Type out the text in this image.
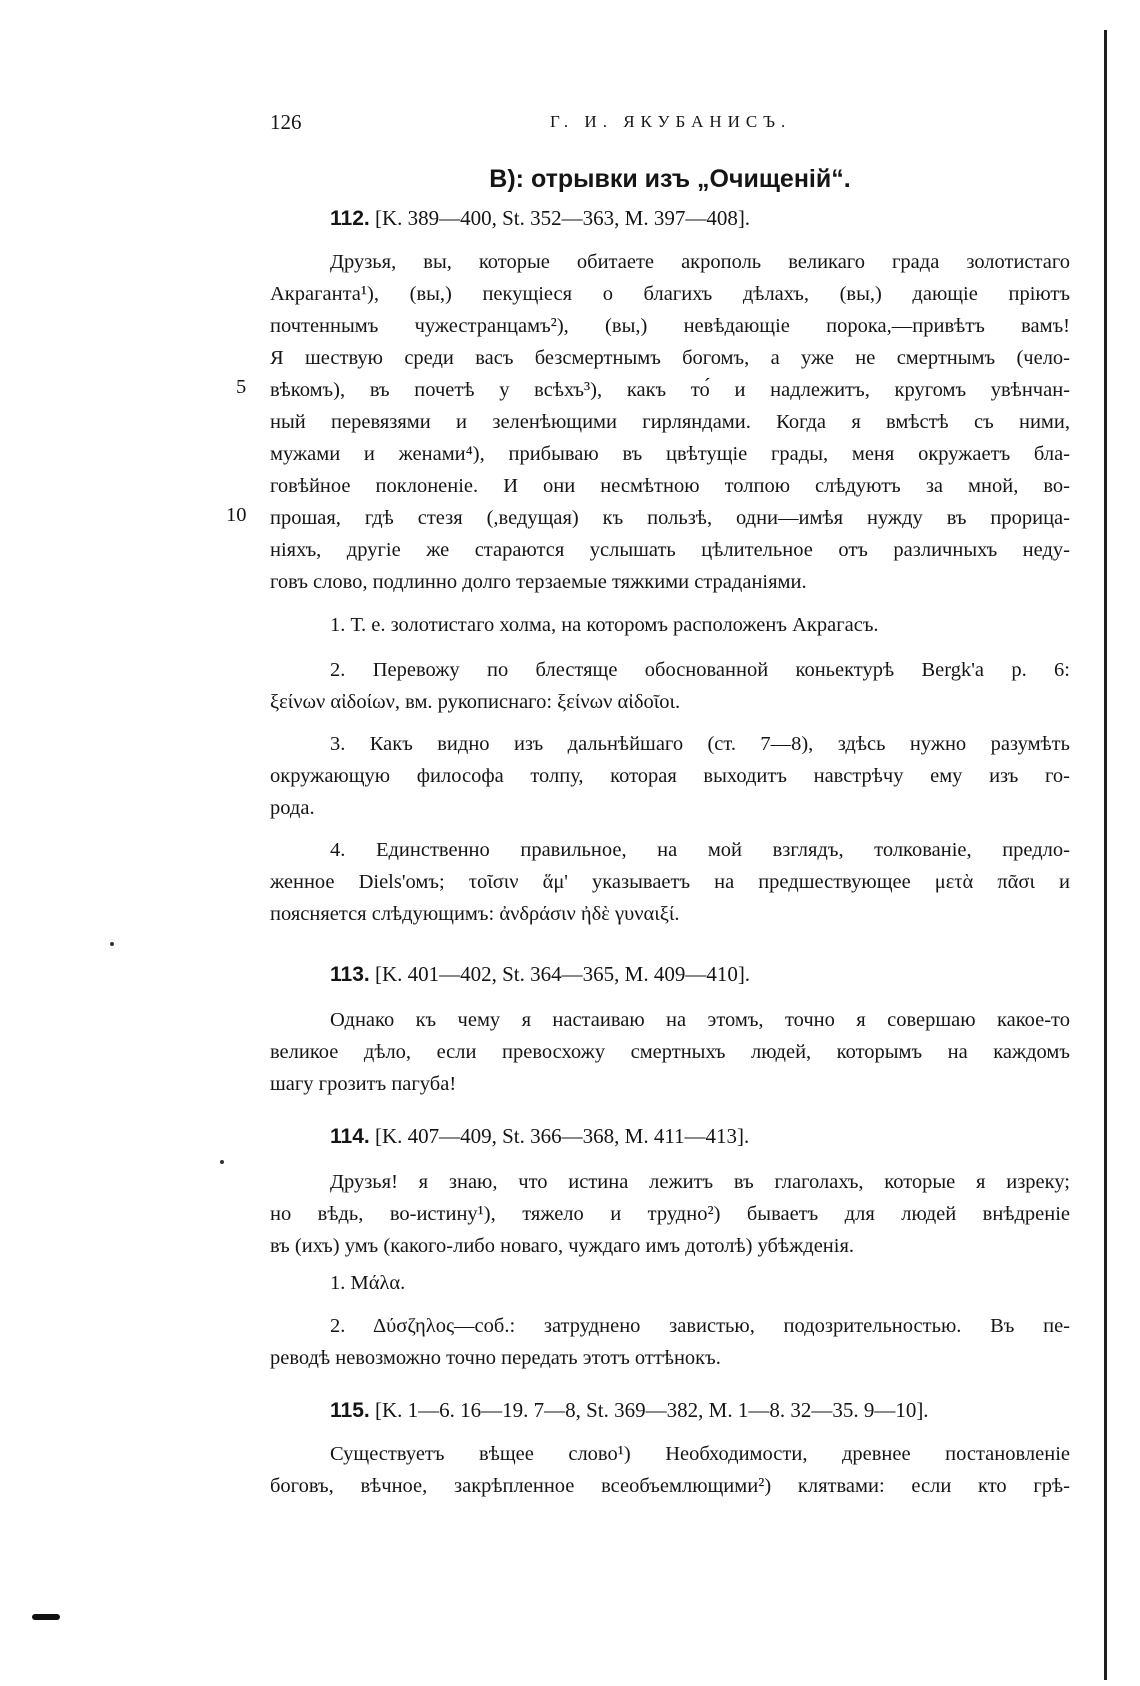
126	Г. И. ЯКУБАНИСЪ.
B): отрывки изъ „Очищеній“.
112. [K. 389—400, St. 352—363, M. 397—408].
Друзья, вы, которые обитаете акрополь великаго града золотистаго
Акраганта¹), (вы,) пекущіеся о благихъ дѣлахъ, (вы,) дающіе пріютъ
почтеннымъ чужестранцамъ²), (вы,) невѣдающіе порока,—привѣтъ вамъ!
Я шествую среди васъ безсмертнымъ богомъ, а уже не смертнымъ (чело-
5 вѣкомъ), въ почетѣ у всѣхъ³), какъ то́ и надлежитъ, кругомъ увѣнчан-
ный перевязями и зеленѣющими гирляндами. Когда я вмѣстѣ съ ними,
мужами и женами⁴), прибываю въ цвѣтущіе грады, меня окружаетъ бла-
говѣйное поклоненіе. И они несмѣтною толпою слѣдуютъ за мной, во-
10 прошая, гдѣ стезя (,ведущая) къ пользѣ, одни—имѣя нужду въ прорица-
ніяхъ, другіе же стараются услышать цѣлительное отъ различныхъ неду-
говъ слово, подлинно долго терзаемые тяжкими страданіями.
1. Т. е. золотистаго холма, на которомъ расположенъ Акрагасъ.
2. Перевожу по блестяще обоснованной коньектурѣ Bergk'а р. 6:
ξείνων αἰδοίων, вм. рукописнаго: ξείνων αἰδοῖοι.
3. Какъ видно изъ дальнѣйшаго (ст. 7—8), здѣсь нужно разумѣть
окружающую философа толпу, которая выходитъ навстрѣчу ему изъ го-
рода.
4. Единственно правильное, на мой взглядъ, толкованіе, предло-
женное Diels'омъ; τοῖσιν ἅμ' указываетъ на предшествующее μετὰ πᾶσι и
поясняется слѣдующимъ: ἀνδράσιν ἠδὲ γυναιξί.
113. [K. 401—402, St. 364—365, M. 409—410].
Однако къ чему я настаиваю на этомъ, точно я совершаю какое-то
великое дѣло, если превосхожу смертныхъ людей, которымъ на каждомъ
шагу грозитъ пагуба!
114. [K. 407—409, St. 366—368, M. 411—413].
Друзья! я знаю, что истина лежитъ въ глаголахъ, которые я изреку;
но вѣдь, во-истину¹), тяжело и трудно²) бываетъ для людей внѣдреніе
въ (ихъ) умъ (какого-либо новаго, чуждаго имъ дотолѣ) убѣжденія.
1. Μάλα.
2. Δύσζηλος—соб.: затруднено завистью, подозрительностью. Въ пе-
реводѣ невозможно точно передать этотъ оттѣнокъ.
115. [K. 1—6. 16—19. 7—8, St. 369—382, M. 1—8. 32—35. 9—10].
Существуетъ вѣщее слово¹) Необходимости, древнее постановленіе
боговъ, вѣчное, закрѣпленное всеобъемлющими²) клятвами: если кто грѣ-
